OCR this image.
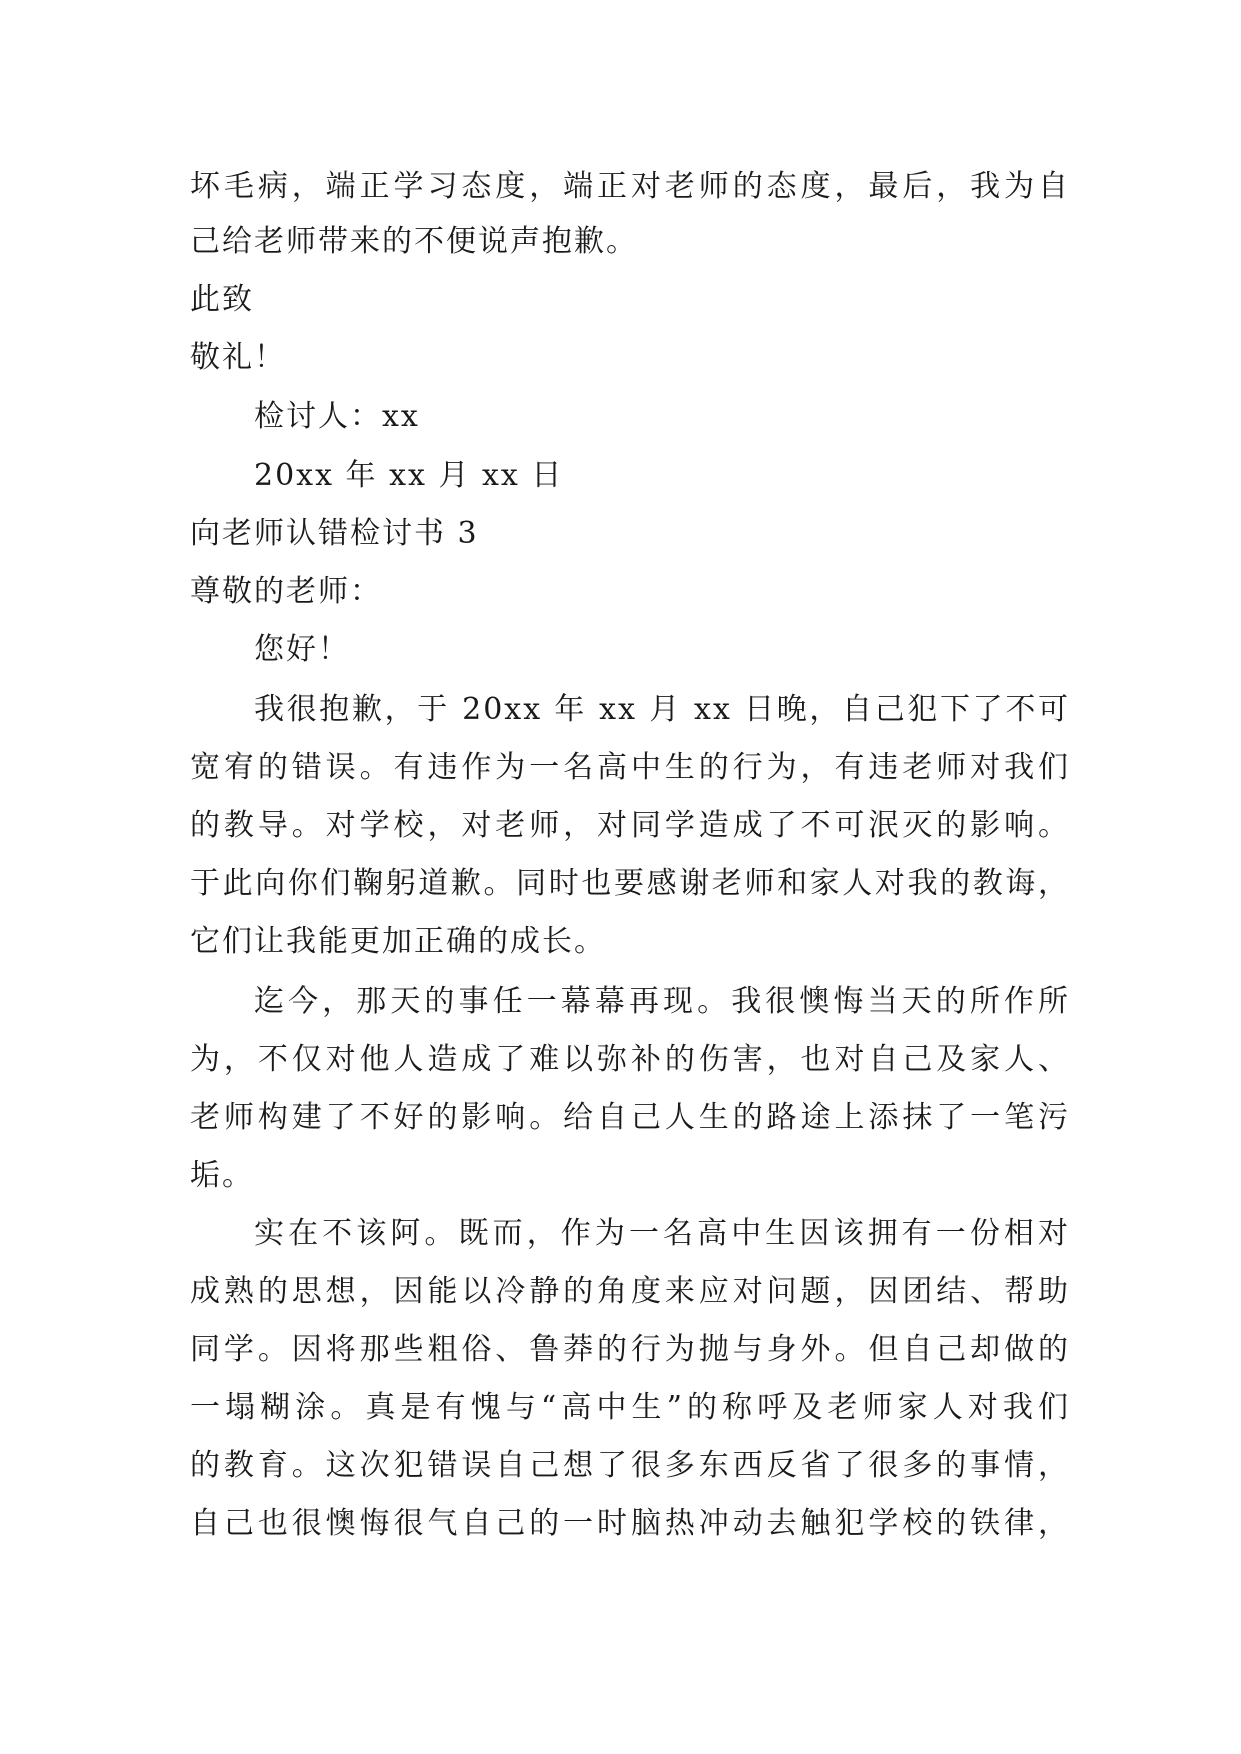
坏毛病，端正学习态度，端正对老师的态度，最后，我为自
己给老师带来的不便说声抱歉。
此致
敬礼！
检讨人：xx
20xx 年 xx 月 xx 日
向老师认错检讨书 3
尊敬的老师：
您好！
我很抱歉，于 20xx 年 xx 月 xx 日晚，自己犯下了不可
宽宥的错误。有违作为一名高中生的行为，有违老师对我们
的教导。对学校，对老师，对同学造成了不可泯灭的影响。
于此向你们鞠躬道歉。同时也要感谢老师和家人对我的教诲，
它们让我能更加正确的成长。
迄今，那天的事任一幕幕再现。我很懊悔当天的所作所
为，不仅对他人造成了难以弥补的伤害，也对自己及家人、
老师构建了不好的影响。给自己人生的路途上添抹了一笔污
垢。
实在不该阿。既而，作为一名高中生因该拥有一份相对
成熟的思想，因能以冷静的角度来应对问题，因团结、帮助
同学。因将那些粗俗、鲁莽的行为抛与身外。但自己却做的
一塌糊涂。真是有愧与“高中生”的称呼及老师家人对我们
的教育。这次犯错误自己想了很多东西反省了很多的事情，
自己也很懊悔很气自己的一时脑热冲动去触犯学校的铁律，
